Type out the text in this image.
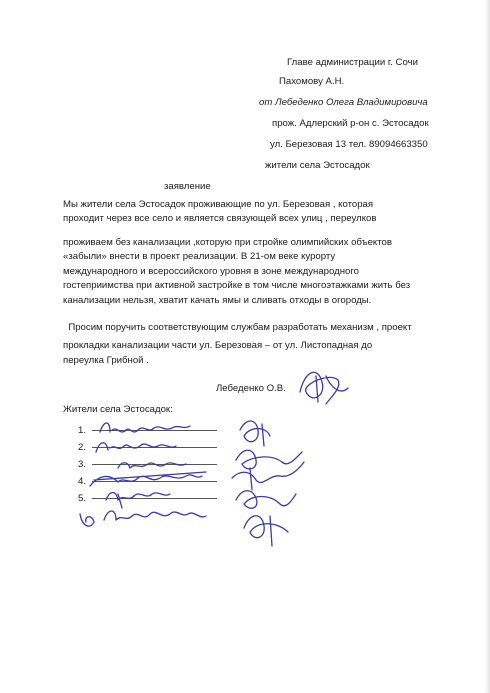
Главе администрации г. Сочи
Пахомову А.Н.
от Лебеденко Олега Владимировича
прож. Адлерский р-он с. Эстосадок
ул. Березовая 13 тел. 89094663350
жители села Эстосадок
заявление
Мы жители села Эстосадок проживающие по ул. Березовая , которая
проходит через все село и является связующей всех улиц , переулков
проживаем без канализации ,которую при стройке олимпийских объектов
«забыли» внести в проект реализации. В 21-ом веке курорту
международного и всероссийского уровня в зоне международного
гостеприимства при активной застройке в том числе многоэтажками жить без
канализации нельзя, хватит качать ямы и сливать отходы в огороды.
Просим поручить соответствующим службам разработать механизм , проект
прокладки канализации части ул. Березовая – от ул. Листопадная до
переулка Грибной .
Лебеденко О.В.
Жители села Эстосадок:
1.
2.
3.
4.
5.
